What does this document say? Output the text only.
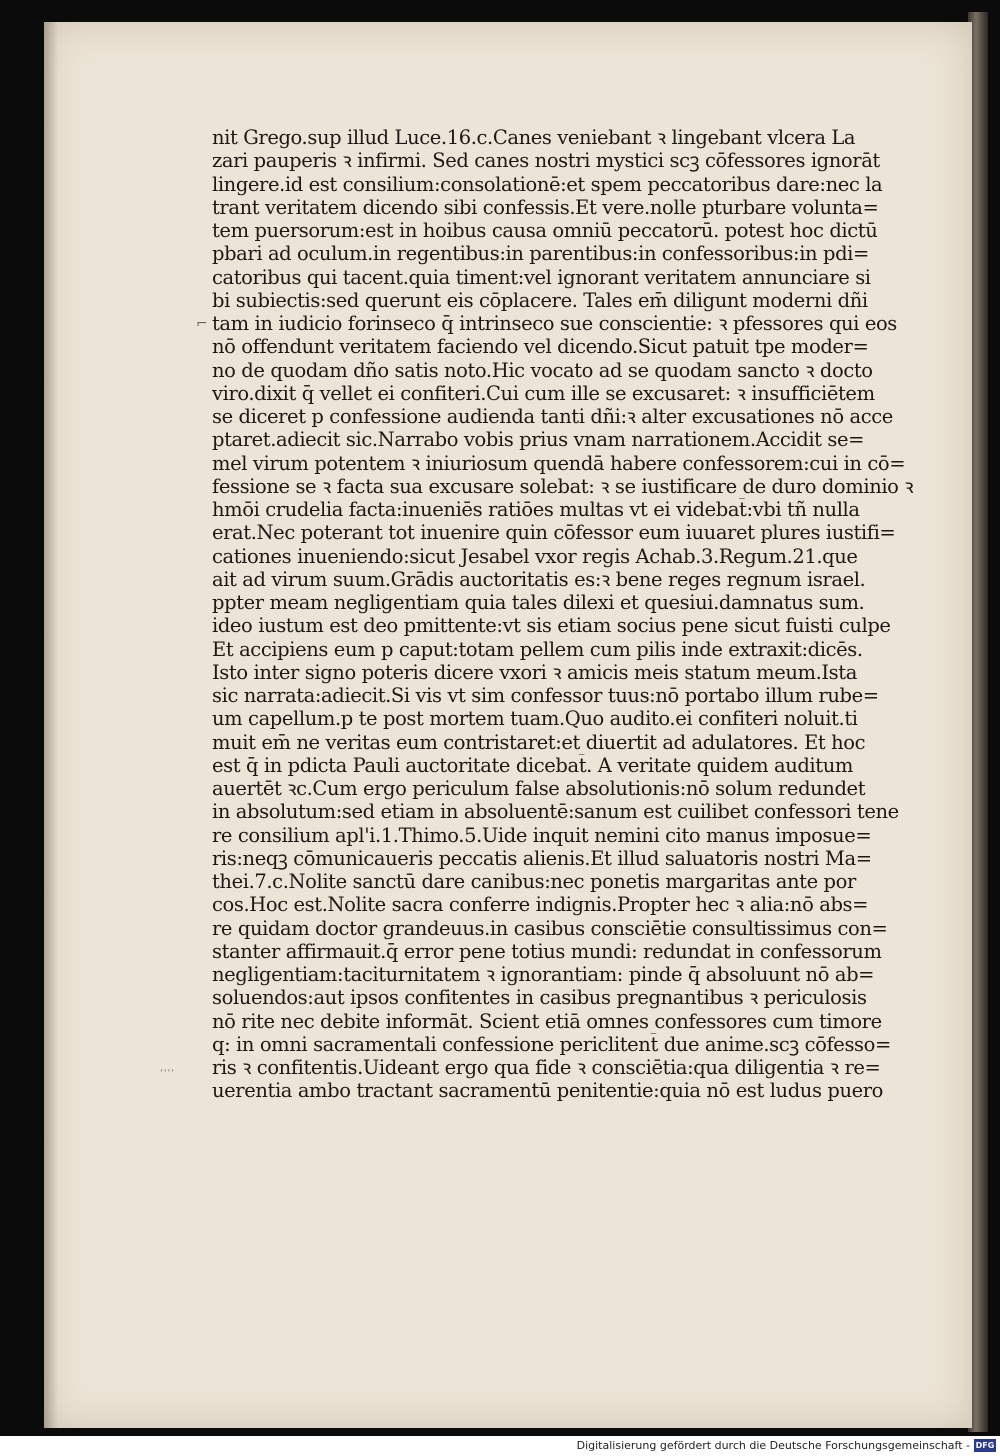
⌐
''''
nit Grego.sup illud Luce.16.c.Canes veniebant ꝛ lingebant vlcera La
zari pauperis ꝛ infirmi. Sed canes nostri mystici scꝫ cōfessores ignorāt
lingere.id est consilium:consolationē:et spem peccatoribus dare:nec la
trant veritatem dicendo sibi confessis.Et vere.nolle pturbare volunta=
tem puersorum:est in hoibus causa omniū peccatorū. potest hoc dictū
pbari ad oculum.in regentibus:in parentibus:in confessoribus:in pdi=
catoribus qui tacent.quia timent:vel ignorant veritatem annunciare si
bi subiectis:sed querunt eis cōplacere. Tales em̄ diligunt moderni dñi
tam in iudicio forinseco q̄ intrinseco sue conscientie: ꝛ pfessores qui eos
nō offendunt veritatem faciendo vel dicendo.Sicut patuit tpe moder=
no de quodam dño satis noto.Hic vocato ad se quodam sancto ꝛ docto
viro.dixit q̄ vellet ei confiteri.Cui cum ille se excusaret: ꝛ insufficiētem
se diceret p confessione audienda tanti dñi:ꝛ alter excusationes nō acce
ptaret.adiecit sic.Narrabo vobis prius vnam narrationem.Accidit se=
mel virum potentem ꝛ iniuriosum quendā habere confessorem:cui in cō=
fessione se ꝛ facta sua excusare solebat: ꝛ se iustificare de duro dominio ꝛ
hmōi crudelia facta:inueniēs ratiōes multas vt ei videbat̄:vbi tñ nulla
erat.Nec poterant tot inuenire quin cōfessor eum iuuaret plures iustifi=
cationes inueniendo:sicut Jesabel vxor regis Achab.3.Regum.21.que
ait ad virum suum.Grādis auctoritatis es:ꝛ bene reges regnum israel.
ppter meam negligentiam quia tales dilexi et quesiui.damnatus sum.
ideo iustum est deo pmittente:vt sis etiam socius pene sicut fuisti culpe
Et accipiens eum p caput:totam pellem cum pilis inde extraxit:dicēs.
Isto inter signo poteris dicere vxori ꝛ amicis meis statum meum.Ista
sic narrata:adiecit.Si vis vt sim confessor tuus:nō portabo illum rube=
um capellum.p te post mortem tuam.Quo audito.ei confiteri noluit.ti
muit em̄ ne veritas eum contristaret:et diuertit ad adulatores. Et hoc
est q̄ in pdicta Pauli auctoritate dicebat̄. A veritate quidem auditum
auertēt ꝛc.Cum ergo periculum false absolutionis:nō solum redundet
in absolutum:sed etiam in absoluentē:sanum est cuilibet confessori tene
re consilium apl'i.1.Thimo.5.Uide inquit nemini cito manus imposue=
ris:neqꝫ cōmunicaueris peccatis alienis.Et illud saluatoris nostri Ma=
thei.7.c.Nolite sanctū dare canibus:nec ponetis margaritas ante por
cos.Hoc est.Nolite sacra conferre indignis.Propter hec ꝛ alia:nō abs=
re quidam doctor grandeuus.in casibus consciētie consultissimus con=
stanter affirmauit.q̄ error pene totius mundi: redundat in confessorum
negligentiam:taciturnitatem ꝛ ignorantiam: pinde q̄ absoluunt nō ab=
soluendos:aut ipsos confitentes in casibus pregnantibus ꝛ periculosis
nō rite nec debite informāt. Scient etiā omnes confessores cum timore
q: in omni sacramentali confessione periclitent̄ due anime.scꝫ cōfesso=
ris ꝛ confitentis.Uideant ergo qua fide ꝛ consciētia:qua diligentia ꝛ re=
uerentia ambo tractant sacramentū penitentie:quia nō est ludus puero
Digitalisierung gefördert durch die Deutsche Forschungsgemeinschaft - DFG
